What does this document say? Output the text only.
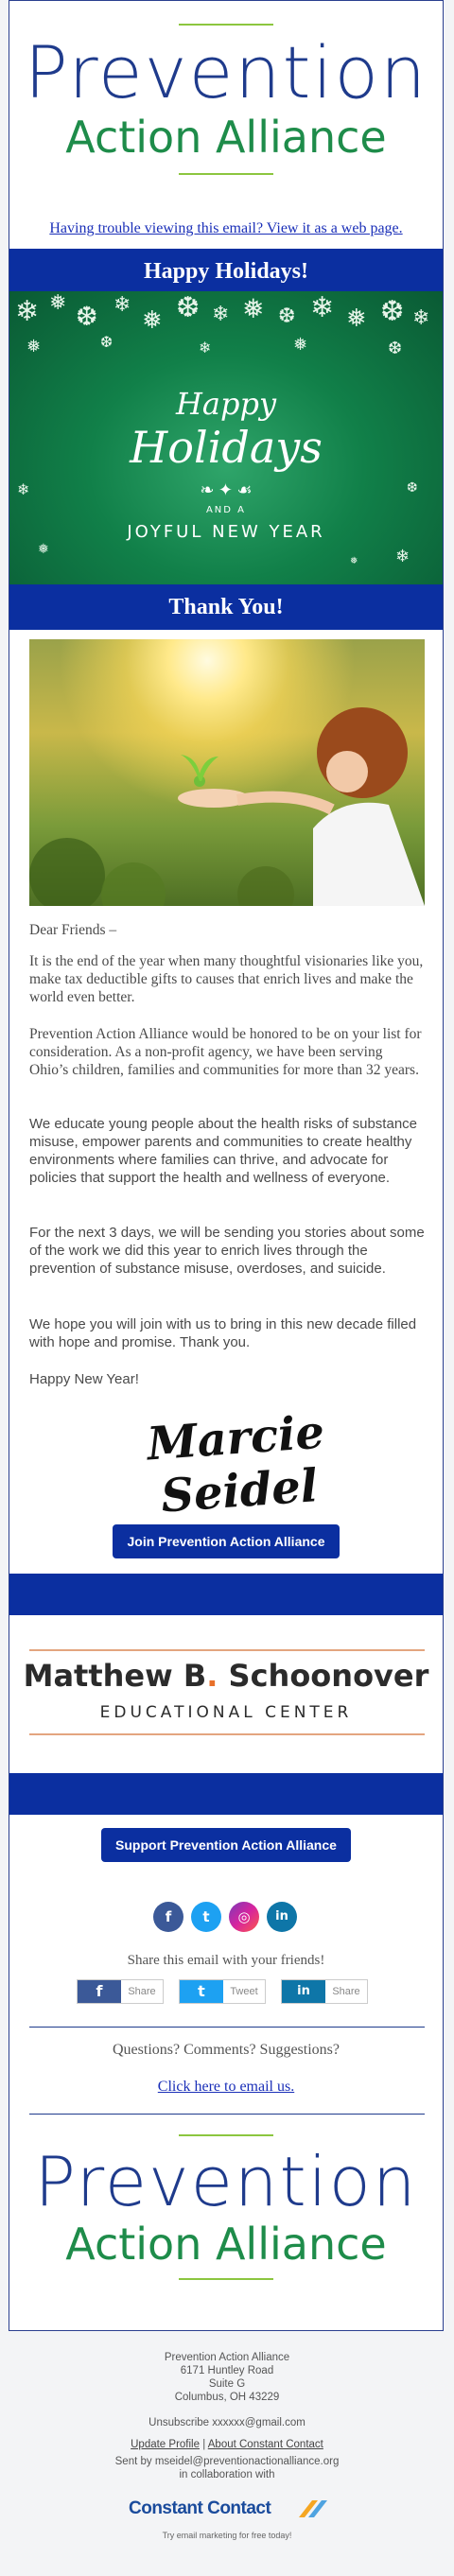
Prevention
Action Alliance
Having trouble viewing this email? View it as a web page.
Happy Holidays!
❄ ❅ ❆ ❄
❅ ❆ ❄ ❅ ❆ ❄ ❅ ❆ ❄
❅	❆	❄	❅	❆
❄
❅
❆
❄
❅
Happy
Holidays
❧ ✦ ☙
AND A
JOYFUL NEW YEAR
Thank You!
Dear Friends –
It is the end of the year when many thoughtful visionaries like you, make tax deductible gifts to causes that enrich lives and make the world even better.
Prevention Action Alliance would be honored to be on your list for consideration. As a non-profit agency, we have been serving Ohio’s children, families and communities for more than 32 years.
We educate young people about the health risks of substance misuse, empower parents and communities to create healthy environments where families can thrive, and advocate for policies that support the health and wellness of everyone.
For the next 3 days, we will be sending you stories about some of the work we did this year to enrich lives through the prevention of substance misuse, overdoses, and suicide.
We hope you will join with us to bring in this new decade filled with hope and promise. Thank you.
Happy New Year!
Marcie Seidel
Join Prevention Action Alliance
Matthew B. Schoonover
EDUCATIONAL CENTER
Support Prevention Action Alliance
f	t	◎	in
Share this email with your friends!
f	Share	t	Tweet	in	Share
Questions? Comments? Suggestions?
Click here to email us.
Prevention
Action Alliance
Prevention Action Alliance
6171 Huntley Road
Suite G
Columbus, OH 43229
Unsubscribe xxxxxx@gmail.com
Update Profile | About Constant Contact
Sent by mseidel@preventionactionalliance.org
in collaboration with
Constant Contact
Try email marketing for free today!
